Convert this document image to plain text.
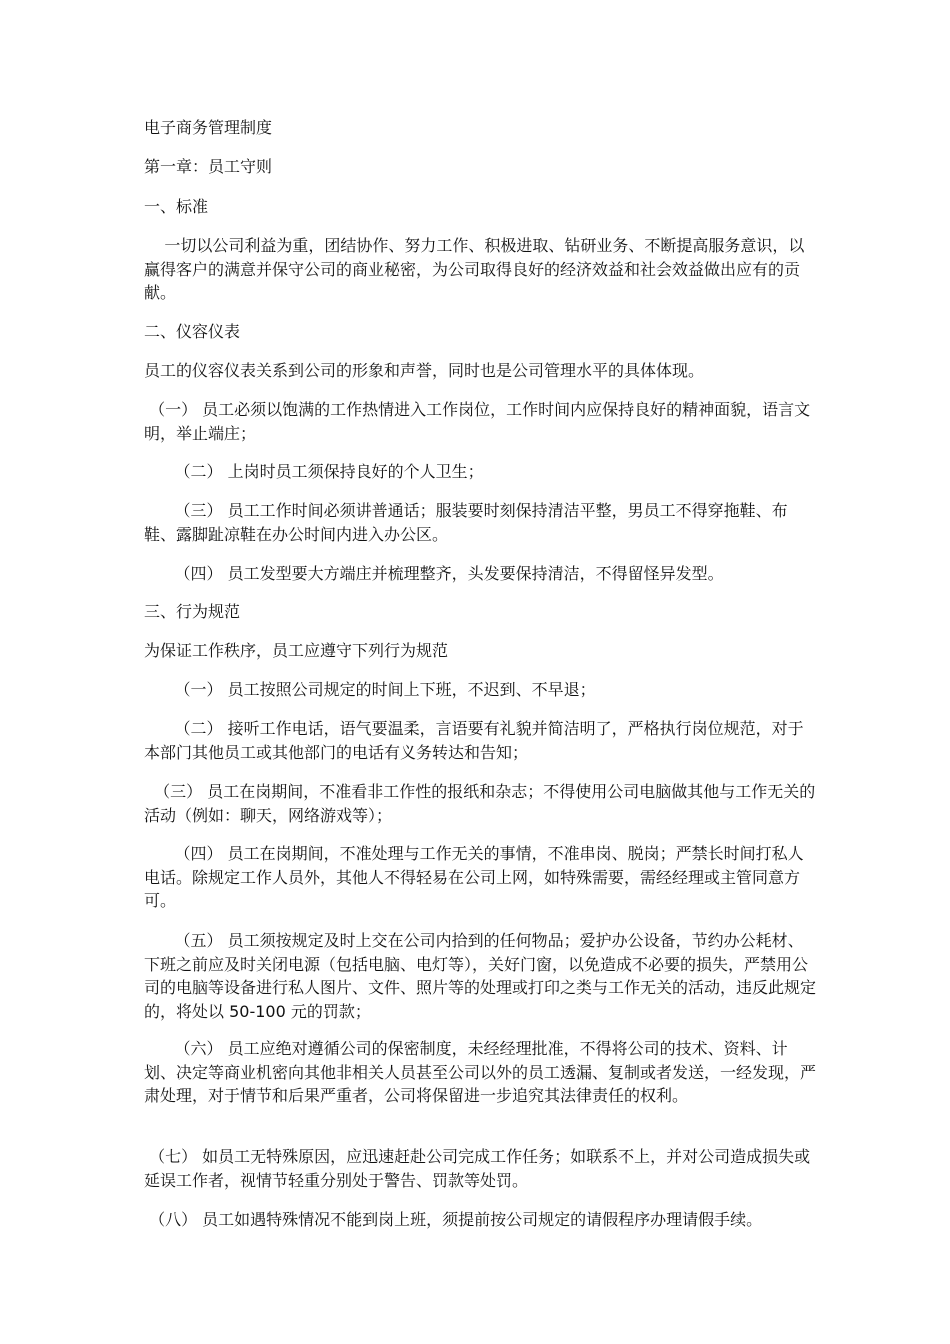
电子商务管理制度

第一章：员工守则

一、标准

一切以公司利益为重，团结协作、努力工作、积极进取、钻研业务、不断提高服务意识，以赢得客户的满意并保守公司的商业秘密，为公司取得良好的经济效益和社会效益做出应有的贡献。

二、仪容仪表

员工的仪容仪表关系到公司的形象和声誉，同时也是公司管理水平的具体体现。

（一） 员工必须以饱满的工作热情进入工作岗位，工作时间内应保持良好的精神面貌，语言文明，举止端庄；

（二） 上岗时员工须保持良好的个人卫生；

（三） 员工工作时间必须讲普通话；服装要时刻保持清洁平整，男员工不得穿拖鞋、布鞋、露脚趾凉鞋在办公时间内进入办公区。

（四） 员工发型要大方端庄并梳理整齐，头发要保持清洁，不得留怪异发型。

三、行为规范

为保证工作秩序，员工应遵守下列行为规范

（一） 员工按照公司规定的时间上下班，不迟到、不早退；

（二） 接听工作电话，语气要温柔，言语要有礼貌并简洁明了，严格执行岗位规范，对于本部门其他员工或其他部门的电话有义务转达和告知；

（三） 员工在岗期间，不准看非工作性的报纸和杂志；不得使用公司电脑做其他与工作无关的活动（例如：聊天，网络游戏等）；

（四） 员工在岗期间，不准处理与工作无关的事情，不准串岗、脱岗；严禁长时间打私人电话。除规定工作人员外，其他人不得轻易在公司上网，如特殊需要，需经经理或主管同意方可。

（五） 员工须按规定及时上交在公司内拾到的任何物品；爱护办公设备，节约办公耗材、下班之前应及时关闭电源（包括电脑、电灯等），关好门窗，以免造成不必要的损失，严禁用公司的电脑等设备进行私人图片、文件、照片等的处理或打印之类与工作无关的活动，违反此规定的，将处以 50-100 元的罚款；

（六） 员工应绝对遵循公司的保密制度，未经经理批准，不得将公司的技术、资料、计划、决定等商业机密向其他非相关人员甚至公司以外的员工透漏、复制或者发送，一经发现，严肃处理，对于情节和后果严重者，公司将保留进一步追究其法律责任的权利。

（七） 如员工无特殊原因，应迅速赶赴公司完成工作任务；如联系不上，并对公司造成损失或延误工作者，视情节轻重分别处于警告、罚款等处罚。

（八） 员工如遇特殊情况不能到岗上班，须提前按公司规定的请假程序办理请假手续。
